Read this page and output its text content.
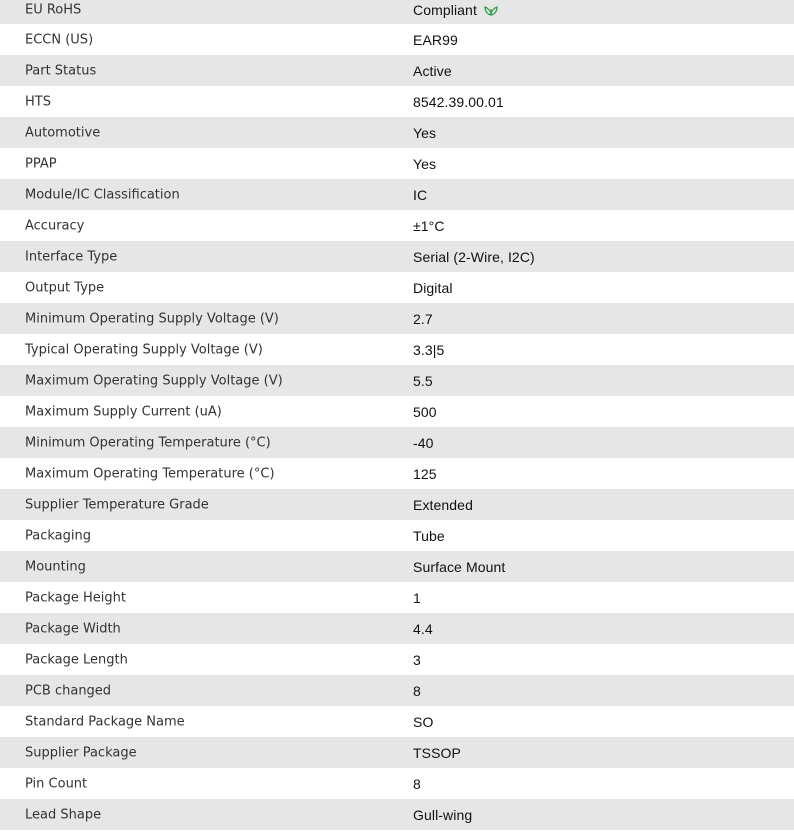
EU RoHS	Compliant
ECCN (US)	EAR99
Part Status	Active
HTS	8542.39.00.01
Automotive	Yes
PPAP	Yes
Module/IC Classification	IC
Accuracy	±1°C
Interface Type	Serial (2-Wire, I2C)
Output Type	Digital
Minimum Operating Supply Voltage (V)	2.7
Typical Operating Supply Voltage (V)	3.3|5
Maximum Operating Supply Voltage (V)	5.5
Maximum Supply Current (uA)	500
Minimum Operating Temperature (°C)	-40
Maximum Operating Temperature (°C)	125
Supplier Temperature Grade	Extended
Packaging	Tube
Mounting	Surface Mount
Package Height	1
Package Width	4.4
Package Length	3
PCB changed	8
Standard Package Name	SO
Supplier Package	TSSOP
Pin Count	8
Lead Shape	Gull-wing
